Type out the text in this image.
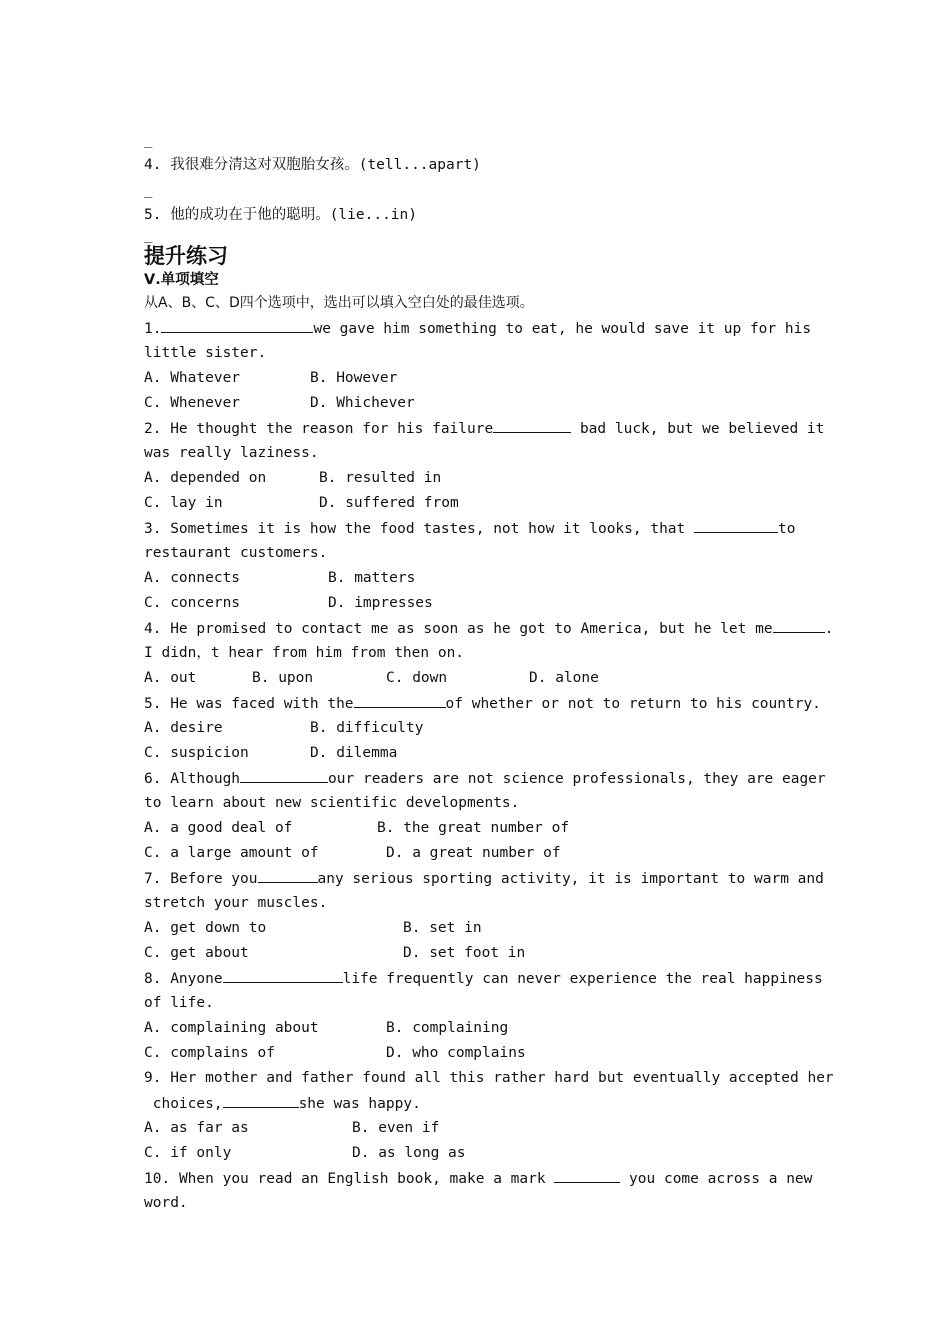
_
4. 我很难分清这对双胞胎女孩。(tell...apart)
_
5. 他的成功在于他的聪明。(lie...in)
_
提升练习
Ⅴ.单项填空
从A、B、C、D四个选项中，选出可以填入空白处的最佳选项。
1.	we gave him something to eat, he would save it up for his
little sister.
A. Whatever	B. However
C. Whenever	D. Whichever
2. He thought the reason for his failure	bad luck, but we believed it
was really laziness.
A. depended on	B. resulted in
C. lay in	D. suffered from
3. Sometimes it is how the food tastes, not how it looks, that	to
restaurant customers.
A. connects	B. matters
C. concerns	D. impresses
4. He promised to contact me as soon as he got to America, but he let me	.
I didn，t hear from him from then on.
A. out	B. upon	C. down	D. alone
5. He was faced with the	of whether or not to return to his country.
A. desire	B. difficulty
C. suspicion	D. dilemma
6. Although	our readers are not science professionals, they are eager
to learn about new scientific developments.
A. a good deal of	B. the great number of
C. a large amount of	D. a great number of
7. Before you	any serious sporting activity, it is important to warm and
stretch your muscles.
A. get down to	B. set in
C. get about	D. set foot in
8. Anyone	life frequently can never experience the real happiness
of life.
A. complaining about	B. complaining
C. complains of	D. who complains
9. Her mother and father found all this rather hard but eventually accepted her
choices,	she was happy.
A. as far as	B. even if
C. if only	D. as long as
10. When you read an English book, make a mark	you come across a new
word.
